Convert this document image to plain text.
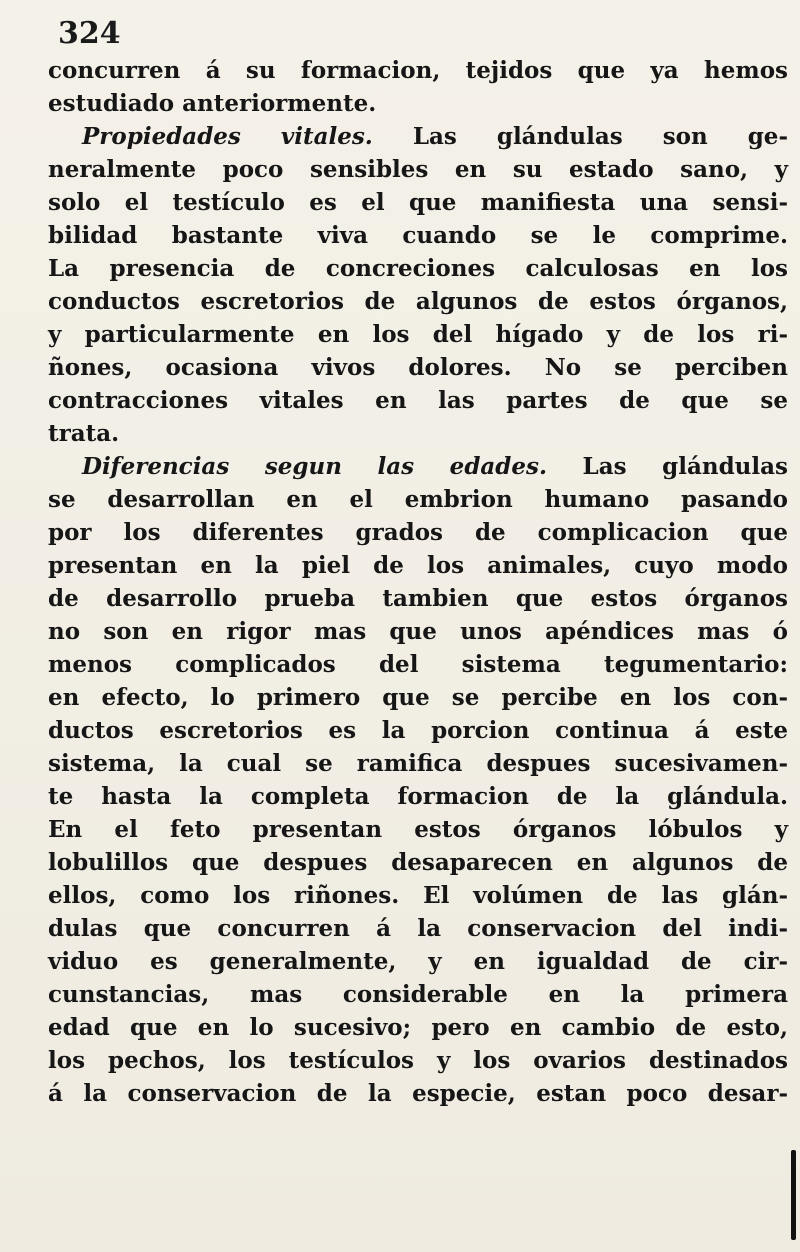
324
concurren á su formacion, tejidos que ya hemos
estudiado anteriormente.
Propiedades vitales. Las glándulas son ge-
neralmente poco sensibles en su estado sano, y
solo el testículo es el que manifiesta una sensi-
bilidad bastante viva cuando se le comprime.
La presencia de concreciones calculosas en los
conductos escretorios de algunos de estos órganos,
y particularmente en los del hígado y de los ri-
ñones, ocasiona vivos dolores. No se perciben
contracciones vitales en las partes de que se
trata.
Diferencias segun las edades. Las glándulas
se desarrollan en el embrion humano pasando
por los diferentes grados de complicacion que
presentan en la piel de los animales, cuyo modo
de desarrollo prueba tambien que estos órganos
no son en rigor mas que unos apéndices mas ó
menos complicados del sistema tegumentario:
en efecto, lo primero que se percibe en los con-
ductos escretorios es la porcion continua á este
sistema, la cual se ramifica despues sucesivamen-
te hasta la completa formacion de la glándula.
En el feto presentan estos órganos lóbulos y
lobulillos que despues desaparecen en algunos de
ellos, como los riñones. El volúmen de las glán-
dulas que concurren á la conservacion del indi-
viduo es generalmente, y en igualdad de cir-
cunstancias, mas considerable en la primera
edad que en lo sucesivo; pero en cambio de esto,
los pechos, los testículos y los ovarios destinados
á la conservacion de la especie, estan poco desar-
